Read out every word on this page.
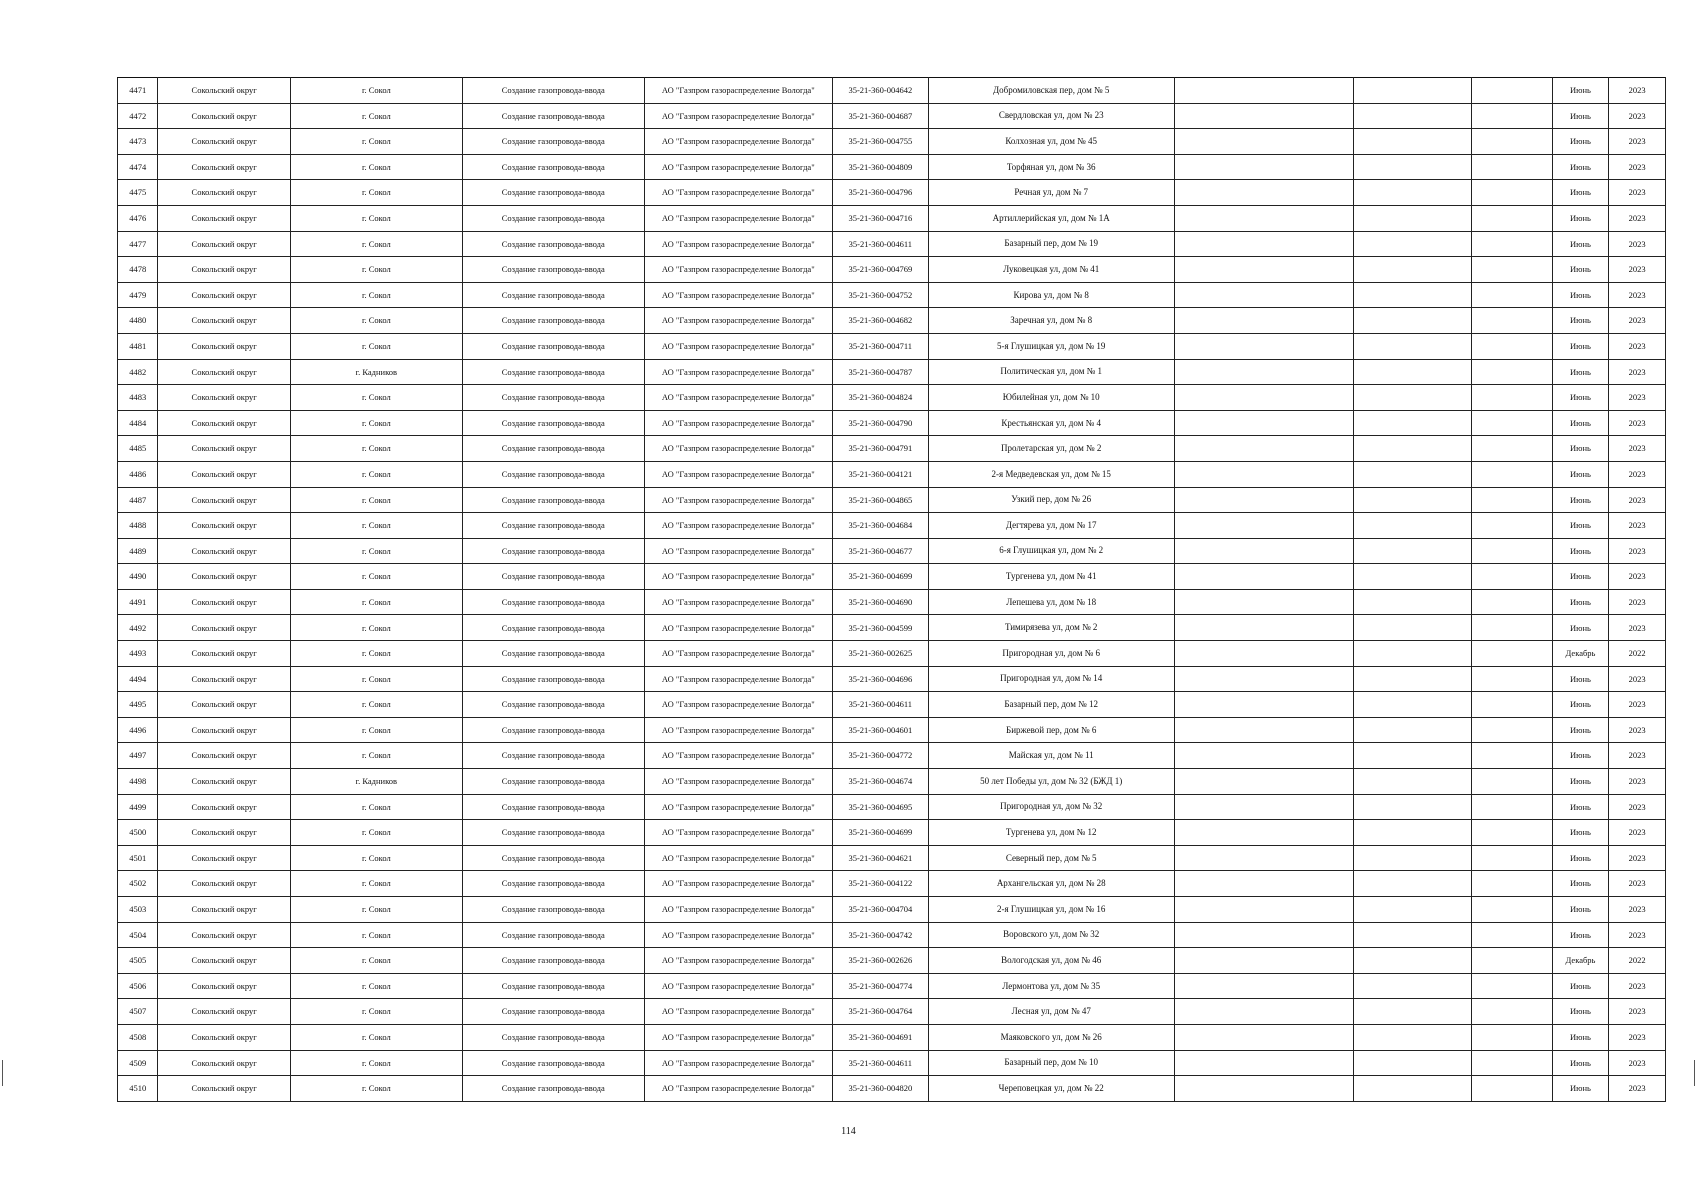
4471	Сокольский округ	г. Сокол	Создание газопровода-ввода	АО "Газпром газораспределение Вологда"	35-21-360-004642	Добромиловская пер, дом № 5				Июнь	2023
4472	Сокольский округ	г. Сокол	Создание газопровода-ввода	АО "Газпром газораспределение Вологда"	35-21-360-004687	Свердловская ул, дом № 23				Июнь	2023
4473	Сокольский округ	г. Сокол	Создание газопровода-ввода	АО "Газпром газораспределение Вологда"	35-21-360-004755	Колхозная ул, дом № 45				Июнь	2023
4474	Сокольский округ	г. Сокол	Создание газопровода-ввода	АО "Газпром газораспределение Вологда"	35-21-360-004809	Торфяная ул, дом № 36				Июнь	2023
4475	Сокольский округ	г. Сокол	Создание газопровода-ввода	АО "Газпром газораспределение Вологда"	35-21-360-004796	Речная ул, дом № 7				Июнь	2023
4476	Сокольский округ	г. Сокол	Создание газопровода-ввода	АО "Газпром газораспределение Вологда"	35-21-360-004716	Артиллерийская ул, дом № 1А				Июнь	2023
4477	Сокольский округ	г. Сокол	Создание газопровода-ввода	АО "Газпром газораспределение Вологда"	35-21-360-004611	Базарный пер, дом № 19				Июнь	2023
4478	Сокольский округ	г. Сокол	Создание газопровода-ввода	АО "Газпром газораспределение Вологда"	35-21-360-004769	Луковецкая ул, дом № 41				Июнь	2023
4479	Сокольский округ	г. Сокол	Создание газопровода-ввода	АО "Газпром газораспределение Вологда"	35-21-360-004752	Кирова ул, дом № 8				Июнь	2023
4480	Сокольский округ	г. Сокол	Создание газопровода-ввода	АО "Газпром газораспределение Вологда"	35-21-360-004682	Заречная ул, дом № 8				Июнь	2023
4481	Сокольский округ	г. Сокол	Создание газопровода-ввода	АО "Газпром газораспределение Вологда"	35-21-360-004711	5-я Глушицкая ул, дом № 19				Июнь	2023
4482	Сокольский округ	г. Кадников	Создание газопровода-ввода	АО "Газпром газораспределение Вологда"	35-21-360-004787	Политическая ул, дом № 1				Июнь	2023
4483	Сокольский округ	г. Сокол	Создание газопровода-ввода	АО "Газпром газораспределение Вологда"	35-21-360-004824	Юбилейная ул, дом № 10				Июнь	2023
4484	Сокольский округ	г. Сокол	Создание газопровода-ввода	АО "Газпром газораспределение Вологда"	35-21-360-004790	Крестьянская ул, дом № 4				Июнь	2023
4485	Сокольский округ	г. Сокол	Создание газопровода-ввода	АО "Газпром газораспределение Вологда"	35-21-360-004791	Пролетарская ул, дом № 2				Июнь	2023
4486	Сокольский округ	г. Сокол	Создание газопровода-ввода	АО "Газпром газораспределение Вологда"	35-21-360-004121	2-я Медведевская ул, дом № 15				Июнь	2023
4487	Сокольский округ	г. Сокол	Создание газопровода-ввода	АО "Газпром газораспределение Вологда"	35-21-360-004865	Узкий пер, дом № 26				Июнь	2023
4488	Сокольский округ	г. Сокол	Создание газопровода-ввода	АО "Газпром газораспределение Вологда"	35-21-360-004684	Дегтярева ул, дом № 17				Июнь	2023
4489	Сокольский округ	г. Сокол	Создание газопровода-ввода	АО "Газпром газораспределение Вологда"	35-21-360-004677	6-я Глушицкая ул, дом № 2				Июнь	2023
4490	Сокольский округ	г. Сокол	Создание газопровода-ввода	АО "Газпром газораспределение Вологда"	35-21-360-004699	Тургенева ул, дом № 41				Июнь	2023
4491	Сокольский округ	г. Сокол	Создание газопровода-ввода	АО "Газпром газораспределение Вологда"	35-21-360-004690	Лепешева ул, дом № 18				Июнь	2023
4492	Сокольский округ	г. Сокол	Создание газопровода-ввода	АО "Газпром газораспределение Вологда"	35-21-360-004599	Тимирязева ул, дом № 2				Июнь	2023
4493	Сокольский округ	г. Сокол	Создание газопровода-ввода	АО "Газпром газораспределение Вологда"	35-21-360-002625	Пригородная ул, дом № 6				Декабрь	2022
4494	Сокольский округ	г. Сокол	Создание газопровода-ввода	АО "Газпром газораспределение Вологда"	35-21-360-004696	Пригородная ул, дом № 14				Июнь	2023
4495	Сокольский округ	г. Сокол	Создание газопровода-ввода	АО "Газпром газораспределение Вологда"	35-21-360-004611	Базарный пер, дом № 12				Июнь	2023
4496	Сокольский округ	г. Сокол	Создание газопровода-ввода	АО "Газпром газораспределение Вологда"	35-21-360-004601	Биржевой пер, дом № 6				Июнь	2023
4497	Сокольский округ	г. Сокол	Создание газопровода-ввода	АО "Газпром газораспределение Вологда"	35-21-360-004772	Майская ул, дом № 11				Июнь	2023
4498	Сокольский округ	г. Кадников	Создание газопровода-ввода	АО "Газпром газораспределение Вологда"	35-21-360-004674	50 лет Победы ул, дом № 32 (БЖД 1)				Июнь	2023
4499	Сокольский округ	г. Сокол	Создание газопровода-ввода	АО "Газпром газораспределение Вологда"	35-21-360-004695	Пригородная ул, дом № 32				Июнь	2023
4500	Сокольский округ	г. Сокол	Создание газопровода-ввода	АО "Газпром газораспределение Вологда"	35-21-360-004699	Тургенева ул, дом № 12				Июнь	2023
4501	Сокольский округ	г. Сокол	Создание газопровода-ввода	АО "Газпром газораспределение Вологда"	35-21-360-004621	Северный пер, дом № 5				Июнь	2023
4502	Сокольский округ	г. Сокол	Создание газопровода-ввода	АО "Газпром газораспределение Вологда"	35-21-360-004122	Архангельская ул, дом № 28				Июнь	2023
4503	Сокольский округ	г. Сокол	Создание газопровода-ввода	АО "Газпром газораспределение Вологда"	35-21-360-004704	2-я Глушицкая ул, дом № 16				Июнь	2023
4504	Сокольский округ	г. Сокол	Создание газопровода-ввода	АО "Газпром газораспределение Вологда"	35-21-360-004742	Воровского ул, дом № 32				Июнь	2023
4505	Сокольский округ	г. Сокол	Создание газопровода-ввода	АО "Газпром газораспределение Вологда"	35-21-360-002626	Вологодская ул, дом № 46				Декабрь	2022
4506	Сокольский округ	г. Сокол	Создание газопровода-ввода	АО "Газпром газораспределение Вологда"	35-21-360-004774	Лермонтова ул, дом № 35				Июнь	2023
4507	Сокольский округ	г. Сокол	Создание газопровода-ввода	АО "Газпром газораспределение Вологда"	35-21-360-004764	Лесная ул, дом № 47				Июнь	2023
4508	Сокольский округ	г. Сокол	Создание газопровода-ввода	АО "Газпром газораспределение Вологда"	35-21-360-004691	Маяковского ул, дом № 26				Июнь	2023
4509	Сокольский округ	г. Сокол	Создание газопровода-ввода	АО "Газпром газораспределение Вологда"	35-21-360-004611	Базарный пер, дом № 10				Июнь	2023
4510	Сокольский округ	г. Сокол	Создание газопровода-ввода	АО "Газпром газораспределение Вологда"	35-21-360-004820	Череповецкая ул, дом № 22				Июнь	2023
114
